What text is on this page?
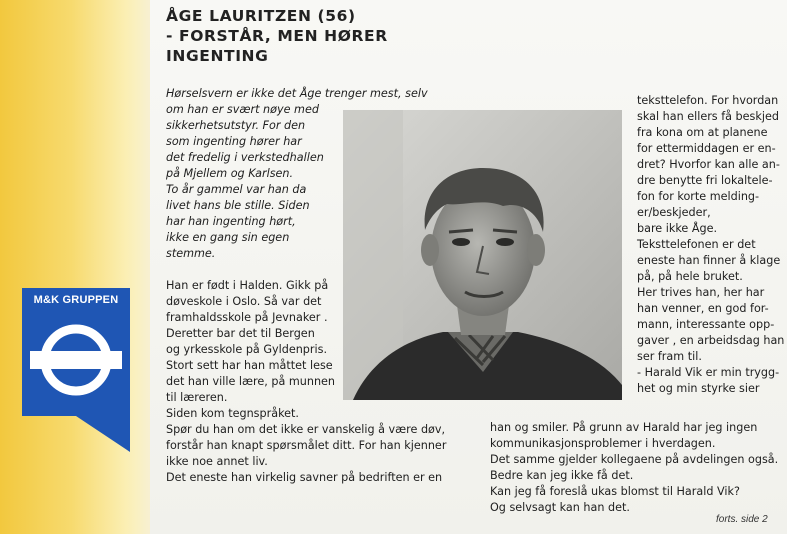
ÅGE LAURITZEN (56)
- FORSTÅR, MEN HØRER
INGENTING
Hørselsvern er ikke det Åge trenger mest, selv
om han er svært nøye med
sikkerhetsutstyr. For den
som ingenting hører har
det fredelig i verkstedhallen
på Mjellem og Karlsen.
To år gammel var han da
livet hans ble stille. Siden
har han ingenting hørt,
ikke en gang sin egen
stemme.
Han er født i Halden. Gikk på
døveskole i Oslo. Så var det
framhaldsskole på Jevnaker .
Deretter bar det til Bergen
og yrkesskole på Gyldenpris.
Stort sett har han måttet lese
det han ville lære, på munnen
til læreren.
Siden kom tegnspråket.
Spør du han om det ikke er vanskelig å være døv,
forstår han knapt spørsmålet ditt. For han kjenner
ikke noe annet liv.
Det eneste han virkelig savner på bedriften er en
teksttelefon. For hvordan
skal han ellers få beskjed
fra kona om at planene
for ettermiddagen er en-
dret? Hvorfor kan alle an-
dre benytte fri lokaltele-
fon for korte melding-
er/beskjeder,
bare ikke Åge.
Teksttelefonen er det
eneste han finner å klage
på, på hele bruket.
Her trives han, her har
han venner, en god for-
mann, interessante opp-
gaver , en arbeidsdag han
ser fram til.
- Harald Vik er min trygg-
het og min styrke sier
han og smiler. På grunn av Harald har jeg ingen
kommunikasjonsproblemer i hverdagen.
Det samme gjelder kollegaene på avdelingen også.
Bedre kan jeg ikke få det.
Kan jeg få foreslå ukas blomst til Harald Vik?
Og selvsagt kan han det.
M&K GRUPPEN

forts. side 2
